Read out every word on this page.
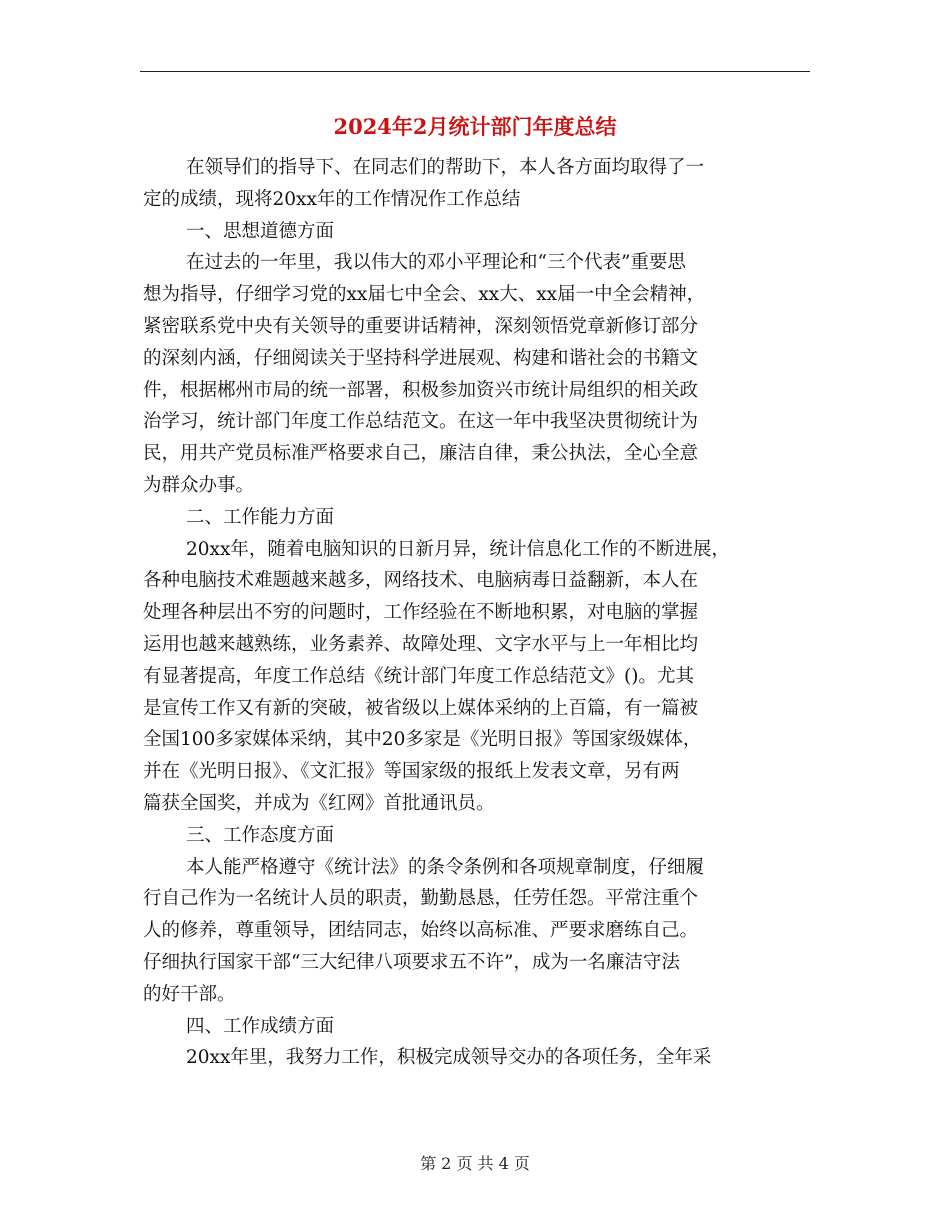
2024年2月统计部门年度总结
在领导们的指导下、在同志们的帮助下，本人各方面均取得了一
定的成绩，现将20xx年的工作情况作工作总结
一、思想道德方面
在过去的一年里，我以伟大的邓小平理论和“三个代表”重要思
想为指导，仔细学习党的xx届七中全会、xx大、xx届一中全会精神，
紧密联系党中央有关领导的重要讲话精神，深刻领悟党章新修订部分
的深刻内涵，仔细阅读关于坚持科学进展观、构建和谐社会的书籍文
件，根据郴州市局的统一部署，积极参加资兴市统计局组织的相关政
治学习，统计部门年度工作总结范文。在这一年中我坚决贯彻统计为
民，用共产党员标准严格要求自己，廉洁自律，秉公执法，全心全意
为群众办事。
二、工作能力方面
20xx年，随着电脑知识的日新月异，统计信息化工作的不断进展，
各种电脑技术难题越来越多，网络技术、电脑病毒日益翻新，本人在
处理各种层出不穷的问题时，工作经验在不断地积累，对电脑的掌握
运用也越来越熟练，业务素养、故障处理、文字水平与上一年相比均
有显著提高，年度工作总结《统计部门年度工作总结范文》()。尤其
是宣传工作又有新的突破，被省级以上媒体采纳的上百篇，有一篇被
全国100多家媒体采纳，其中20多家是《光明日报》等国家级媒体，
并在《光明日报》、《文汇报》等国家级的报纸上发表文章，另有两
篇获全国奖，并成为《红网》首批通讯员。
三、工作态度方面
本人能严格遵守《统计法》的条令条例和各项规章制度，仔细履
行自己作为一名统计人员的职责，勤勤恳恳，任劳任怨。平常注重个
人的修养，尊重领导，团结同志，始终以高标准、严要求磨练自己。
仔细执行国家干部“三大纪律八项要求五不许”，成为一名廉洁守法
的好干部。
四、工作成绩方面
20xx年里，我努力工作，积极完成领导交办的各项任务，全年采
第 2 页 共 4 页
